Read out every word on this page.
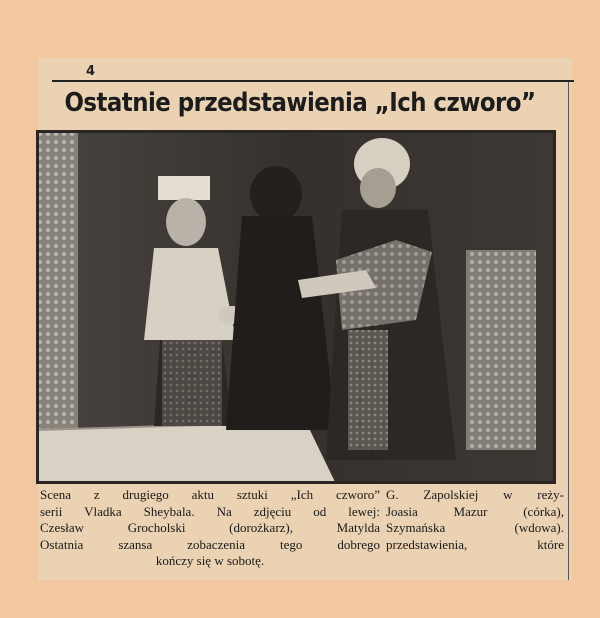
4
Ostatnie przedstawienia „Ich czworo”
Scena z drugiego aktu sztuki „Ich czworo” G. Zapolskiej w reży-
serii Vladka Sheybala. Na zdjęciu od lewej: Joasia Mazur (córka),
Czesław Grocholski (dorożkarz), Matylda Szymańska (wdowa).
Ostatnia szansa zobaczenia tego dobrego przedstawienia, które
kończy się w sobotę.
